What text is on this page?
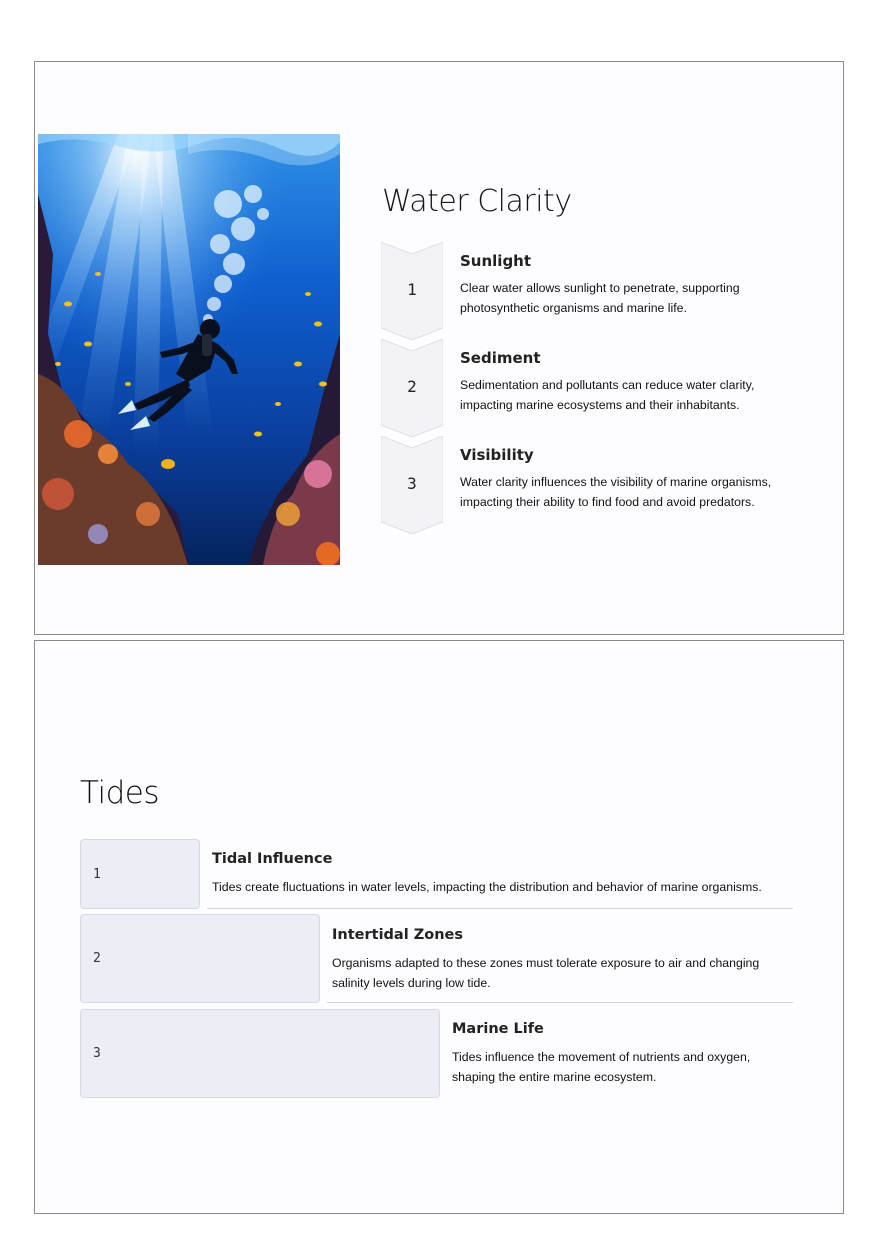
Water Clarity
1
Sunlight

Clear water allows sunlight to penetrate, supporting photosynthetic organisms and marine life.

2
Sediment

Sedimentation and pollutants can reduce water clarity, impacting marine ecosystems and their inhabitants.

3
Visibility

Water clarity influences the visibility of marine organisms, impacting their ability to find food and avoid predators.

Tides
1
Tidal Influence

Tides create fluctuations in water levels, impacting the distribution and behavior of marine organisms.

2
Intertidal Zones

Organisms adapted to these zones must tolerate exposure to air and changing salinity levels during low tide.

3
Marine Life

Tides influence the movement of nutrients and oxygen, shaping the entire marine ecosystem.
